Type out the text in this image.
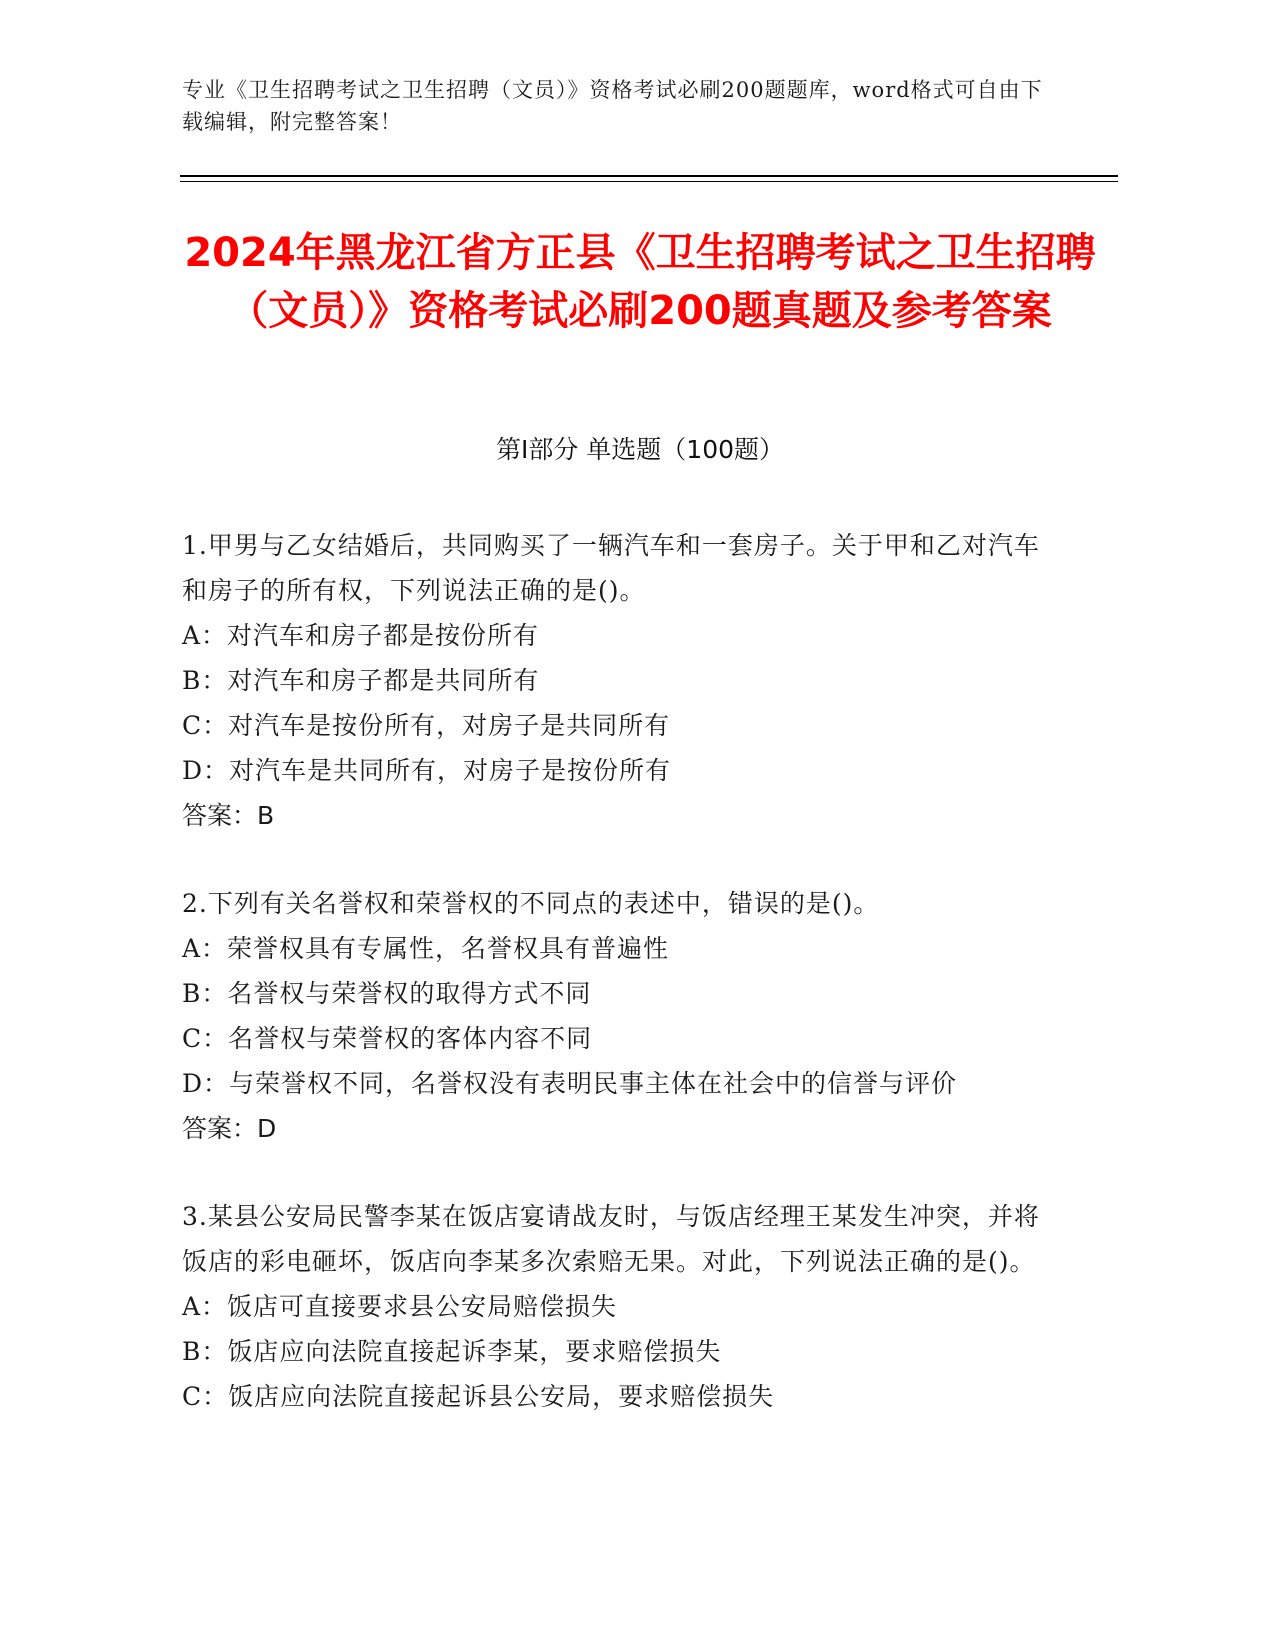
专业《卫生招聘考试之卫生招聘（文员）》资格考试必刷200题题库，word格式可自由下载编辑，附完整答案！
2024年黑龙江省方正县《卫生招聘考试之卫生招聘（文员）》资格考试必刷200题真题及参考答案
第Ⅰ部分 单选题（100题）

1.甲男与乙女结婚后，共同购买了一辆汽车和一套房子。关于甲和乙对汽车和房子的所有权，下列说法正确的是()。

A：对汽车和房子都是按份所有

B：对汽车和房子都是共同所有

C：对汽车是按份所有，对房子是共同所有

D：对汽车是共同所有，对房子是按份所有

答案：B

2.下列有关名誉权和荣誉权的不同点的表述中，错误的是()。

A：荣誉权具有专属性，名誉权具有普遍性

B：名誉权与荣誉权的取得方式不同

C：名誉权与荣誉权的客体内容不同

D：与荣誉权不同，名誉权没有表明民事主体在社会中的信誉与评价

答案：D

3.某县公安局民警李某在饭店宴请战友时，与饭店经理王某发生冲突，并将饭店的彩电砸坏，饭店向李某多次索赔无果。对此，下列说法正确的是()。

A：饭店可直接要求县公安局赔偿损失

B：饭店应向法院直接起诉李某，要求赔偿损失

C：饭店应向法院直接起诉县公安局，要求赔偿损失
